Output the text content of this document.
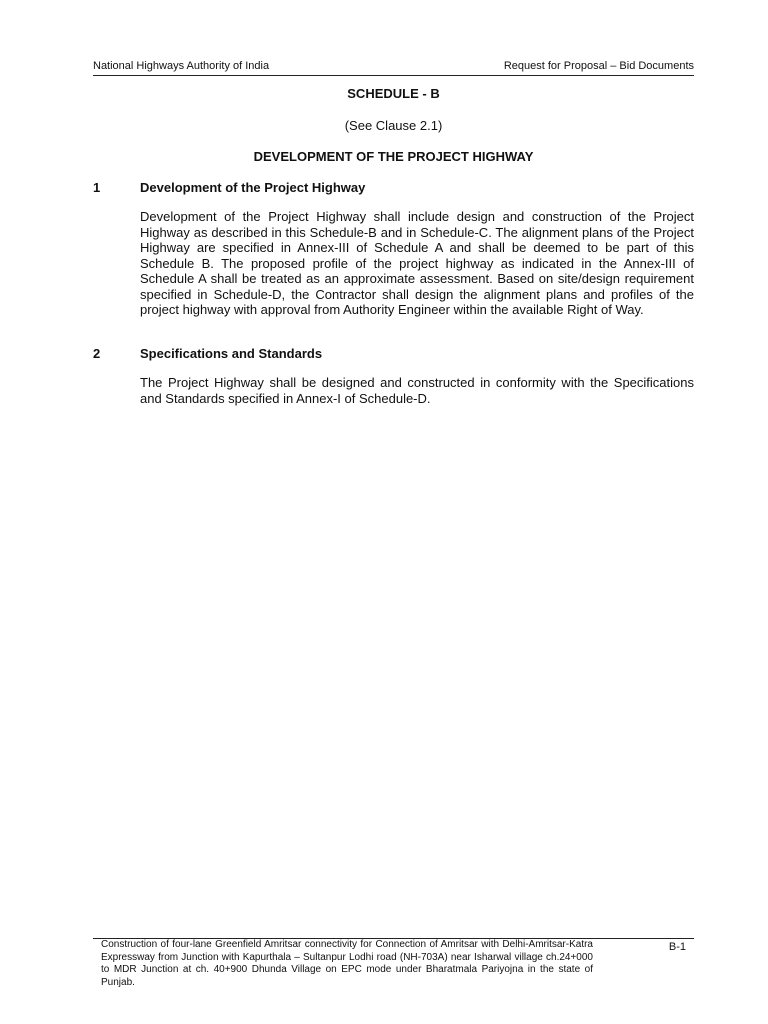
National Highways Authority of India	Request for Proposal – Bid Documents
SCHEDULE - B
(See Clause 2.1)
DEVELOPMENT OF THE PROJECT HIGHWAY
1	Development of the Project Highway

Development of the Project Highway shall include design and construction of the Project Highway as described in this Schedule-B and in Schedule-C. The alignment plans of the Project Highway are specified in Annex-III of Schedule A and shall be deemed to be part of this Schedule B. The proposed profile of the project highway as indicated in the Annex-III of Schedule A shall be treated as an approximate assessment. Based on site/design requirement specified in Schedule-D, the Contractor shall design the alignment plans and profiles of the project highway with approval from Authority Engineer within the available Right of Way.

2	Specifications and Standards

The Project Highway shall be designed and constructed in conformity with the Specifications and Standards specified in Annex-I of Schedule-D.

Construction of four-lane Greenfield Amritsar connectivity for Connection of Amritsar with Delhi-Amritsar-Katra Expressway from Junction with Kapurthala – Sultanpur Lodhi road (NH-703A) near Isharwal village ch.24+000 to MDR Junction at ch. 40+900 Dhunda Village on EPC mode under Bharatmala Pariyojna in the state of Punjab.
B-1
